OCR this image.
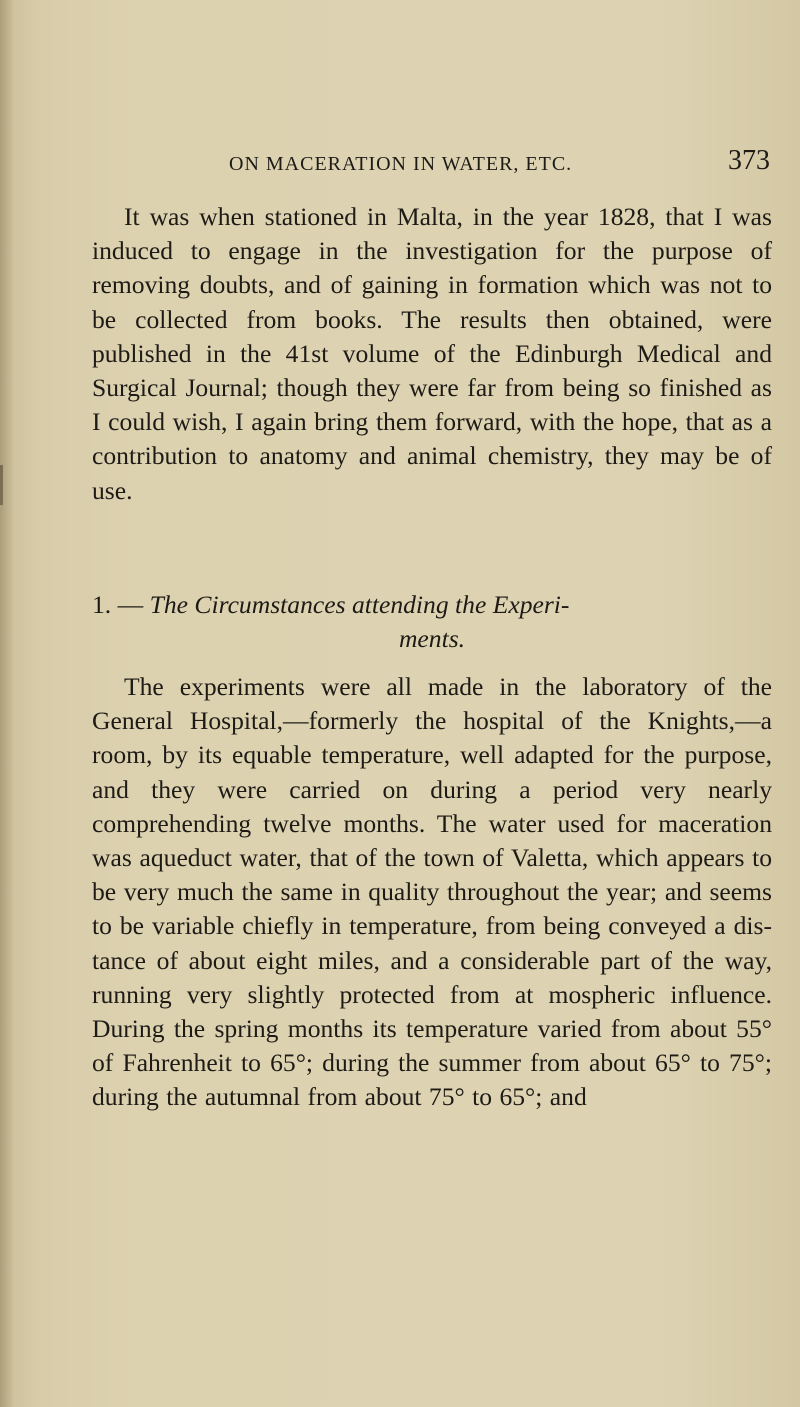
ON MACERATION IN WATER, ETC.	373

It was when stationed in Malta, in the year 1828, that I was induced to engage in the investigation for the purpose of removing doubts, and of gaining in formation which was not to be collected from books. The results then obtained, were published in the 41st volume of the Edinburgh Medical and Surgical Journal; though they were far from being so finished as I could wish, I again bring them forward, with the hope, that as a contribution to anatomy and animal chemistry, they may be of use.

1. — The Circumstances attending the Experi-
ments.

The experiments were all made in the laboratory of the General Hospital,—formerly the hospital of the Knights,—a room, by its equable temperature, well adapted for the purpose, and they were carried on during a period very nearly comprehending twelve months. The water used for maceration was aqueduct water, that of the town of Valetta, which appears to be very much the same in quality throughout the year; and seems to be variable chiefly in temperature, from being conveyed a dis tance of about eight miles, and a considerable part of the way, running very slightly protected from at mospheric influence. During the spring months its temperature varied from about 55° of Fahrenheit to 65°; during the summer from about 65° to 75°; during the autumnal from about 75° to 65°; and
